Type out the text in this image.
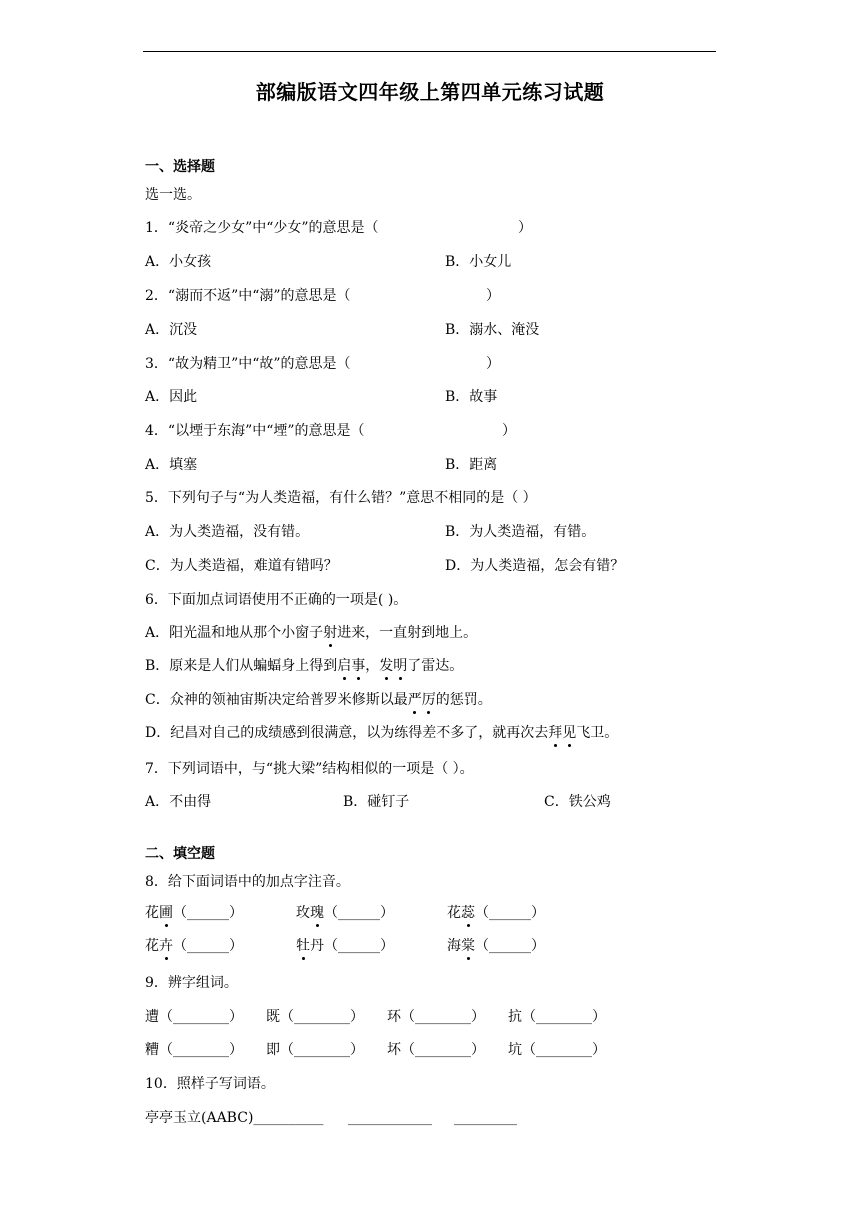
部编版语文四年级上第四单元练习试题
一、选择题
选一选。
1．“炎帝之少女”中“少女”的意思是（	）
A．小女孩	B．小女儿
2．“溺而不返”中“溺”的意思是（	）
A．沉没	B．溺水、淹没
3．“故为精卫”中“故”的意思是（	）
A．因此	B．故事
4．“以堙于东海”中“堙”的意思是（	）
A．填塞	B．距离
5．下列句子与“为人类造福，有什么错？”意思不相同的是（ ）
A．为人类造福，没有错。	B．为人类造福，有错。
C．为人类造福，难道有错吗？	D．为人类造福，怎会有错？
6．下面加点词语使用不正确的一项是( )。
A．阳光温和地从那个小窗子射进来，一直射到地上。
B．原来是人们从蝙蝠身上得到启事，发明了雷达。
C．众神的领袖宙斯决定给普罗米修斯以最严厉的惩罚。
D．纪昌对自己的成绩感到很满意，以为练得差不多了，就再次去拜见飞卫。
7．下列词语中，与“挑大梁”结构相似的一项是（ ）。
A．不由得	B．碰钉子	C．铁公鸡
二、填空题
8．给下面词语中的加点字注音。
花圃（______）	玫瑰（______）	花蕊（______）
花卉（______）	牡丹（______）	海棠（______）
9．辨字组词。
遭（________） 既（________） 环（________） 抗（________）
糟（________） 即（________） 坏（________） 坑（________）
10．照样子写词语。
亭亭玉立(AABC)__________ ____________ _________
